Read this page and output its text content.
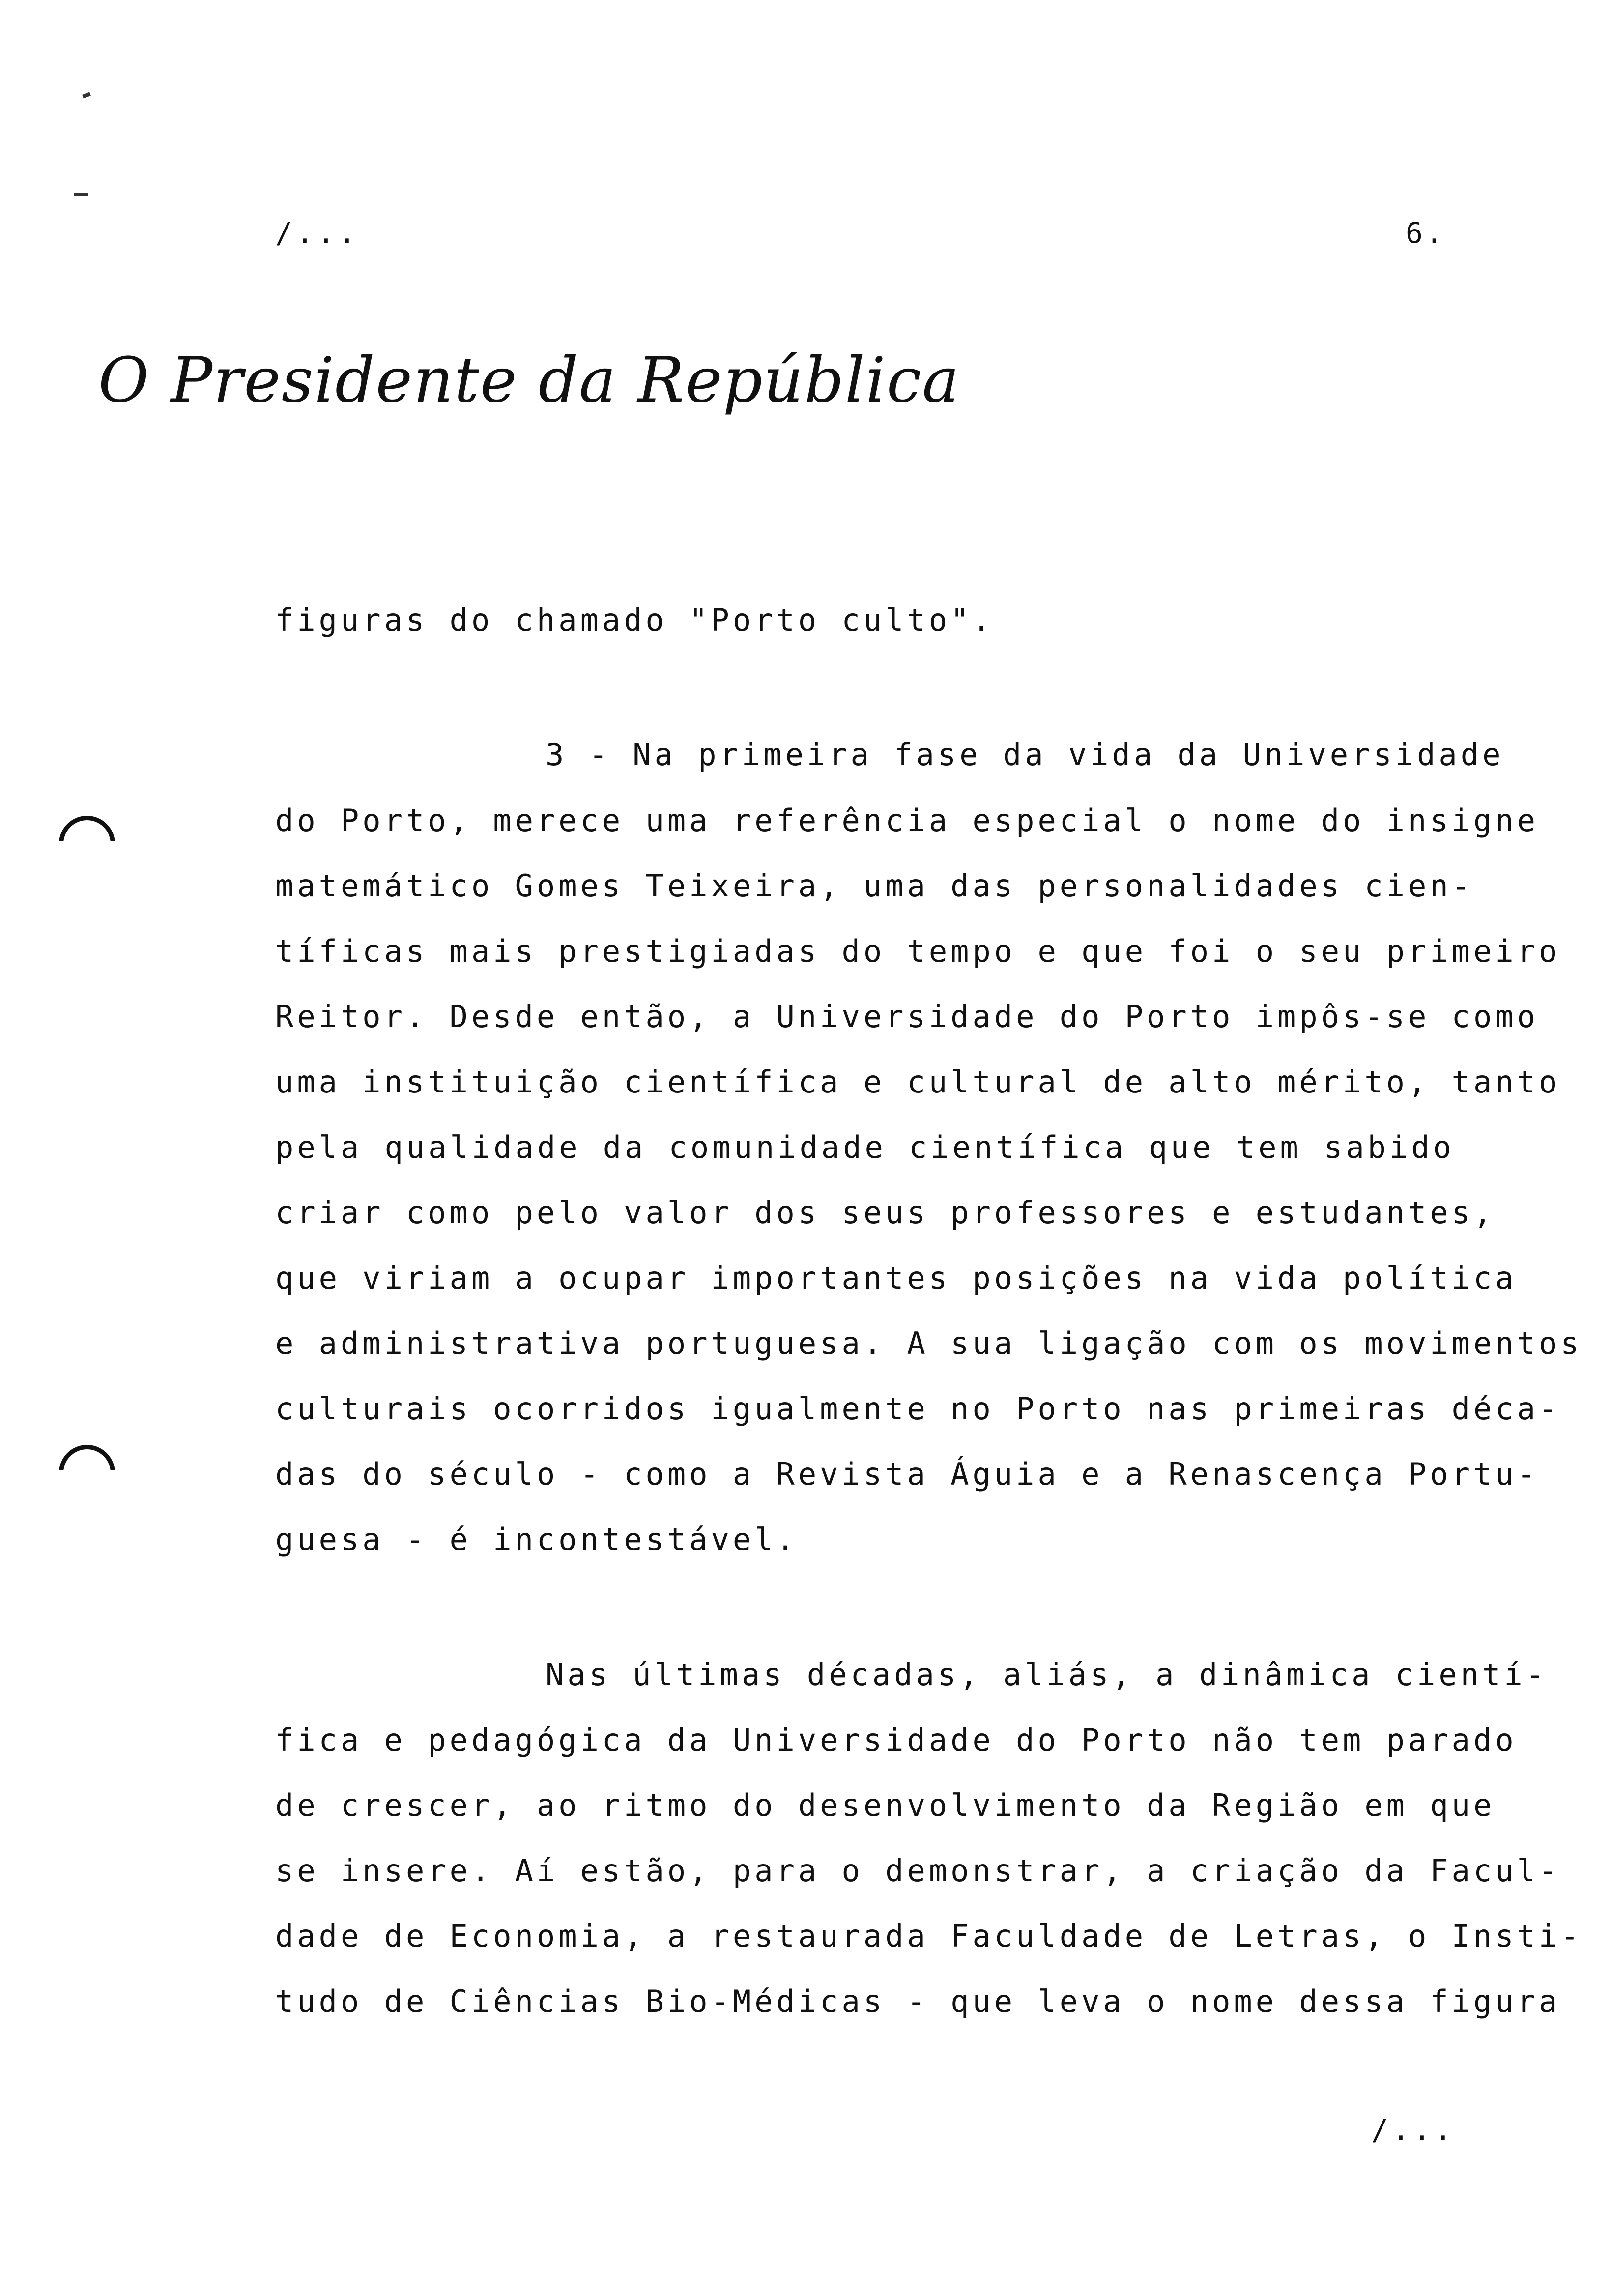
/...	6.
O Presidente da República
figuras do chamado "Porto culto".
3 - Na primeira fase da vida da Universidade
do Porto, merece uma referência especial o nome do insigne
matemático Gomes Teixeira, uma das personalidades cien-
tíficas mais prestigiadas do tempo e que foi o seu primeiro
Reitor. Desde então, a Universidade do Porto impôs-se como
uma instituição científica e cultural de alto mérito, tanto
pela qualidade da comunidade científica que tem sabido
criar como pelo valor dos seus professores e estudantes,
que viriam a ocupar importantes posições na vida política
e administrativa portuguesa. A sua ligação com os movimentos
culturais ocorridos igualmente no Porto nas primeiras déca-
das do século - como a Revista Águia e a Renascença Portu-
guesa - é incontestável.
Nas últimas décadas, aliás, a dinâmica cientí-
fica e pedagógica da Universidade do Porto não tem parado
de crescer, ao ritmo do desenvolvimento da Região em que
se insere. Aí estão, para o demonstrar, a criação da Facul-
dade de Economia, a restaurada Faculdade de Letras, o Insti-
tudo de Ciências Bio-Médicas - que leva o nome dessa figura
/...
